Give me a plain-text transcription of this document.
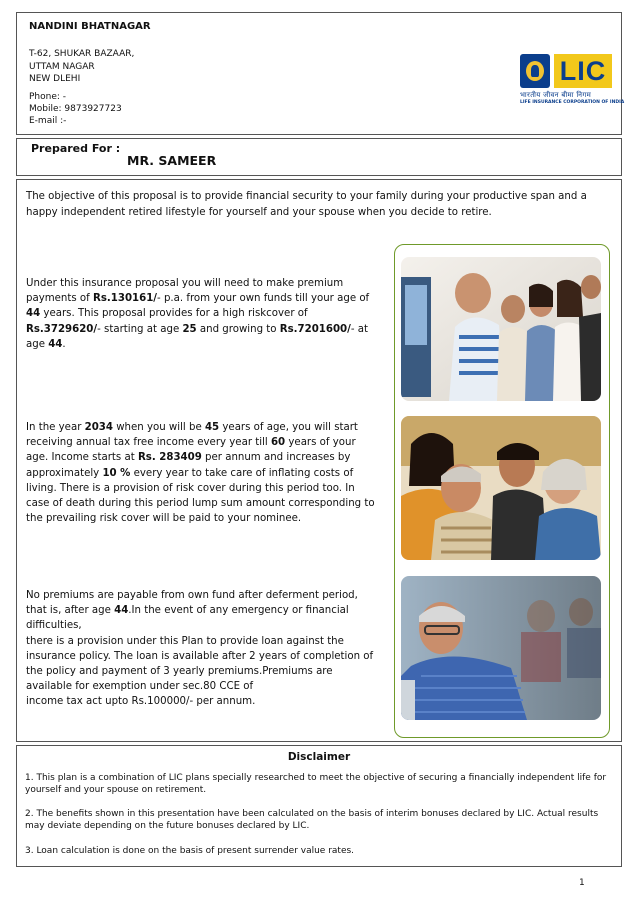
NANDINI BHATNAGAR
T-62, SHUKAR BAZAAR,
UTTAM NAGAR
NEW DLEHI
Phone: -
Mobile: 9873927723
E-mail :-
LIC
भारतीय जीवन बीमा निगम
LIFE INSURANCE CORPORATION OF INDIA
Prepared For :
MR. SAMEER
The objective of this proposal is to provide financial security to your family during your productive span and a happy independent retired lifestyle for yourself and your spouse when you decide to retire.
Under this insurance proposal you will need to make premium payments of Rs.130161/- p.a. from your own funds till your age of 44 years. This proposal provides for a high riskcover of Rs.3729620/- starting at age 25 and growing to Rs.7201600/- at age 44.
In the year 2034 when you will be 45 years of age, you will start receiving annual tax free income every year till 60 years of your age. Income starts at Rs. 283409 per annum and increases by approximately 10 % every year to take care of inflating costs of living. There is a provision of risk cover during this period too. In case of death during this period lump sum amount corresponding to the prevailing risk cover will be paid to your nominee.
No premiums are payable from own fund after deferment period, that is, after age 44.In the event of any emergency or financial difficulties,
there is a provision under this Plan to provide loan against the insurance policy. The loan is available after 2 years of completion of the policy and payment of 3 yearly premiums.Premiums are available for exemption under sec.80 CCE of
income tax act upto Rs.100000/- per annum.
Disclaimer
1. This plan is a combination of LIC plans specially researched to meet the objective of securing a financially independent life for yourself and your spouse on retirement.
2. The benefits shown in this presentation have been calculated on the basis of interim bonuses declared by LIC. Actual results may deviate depending on the future bonuses declared by LIC.
3. Loan calculation is done on the basis of present surrender value rates.
1
